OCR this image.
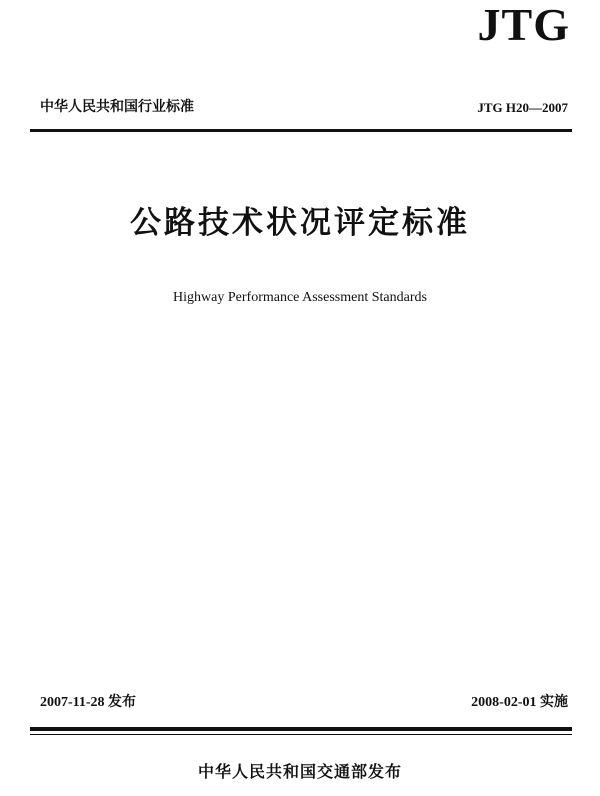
JTG
中华人民共和国行业标准	JTG H20—2007
公路技术状况评定标准
Highway Performance Assessment Standards
2007-11-28 发布	2008-02-01 实施
中华人民共和国交通部发布
